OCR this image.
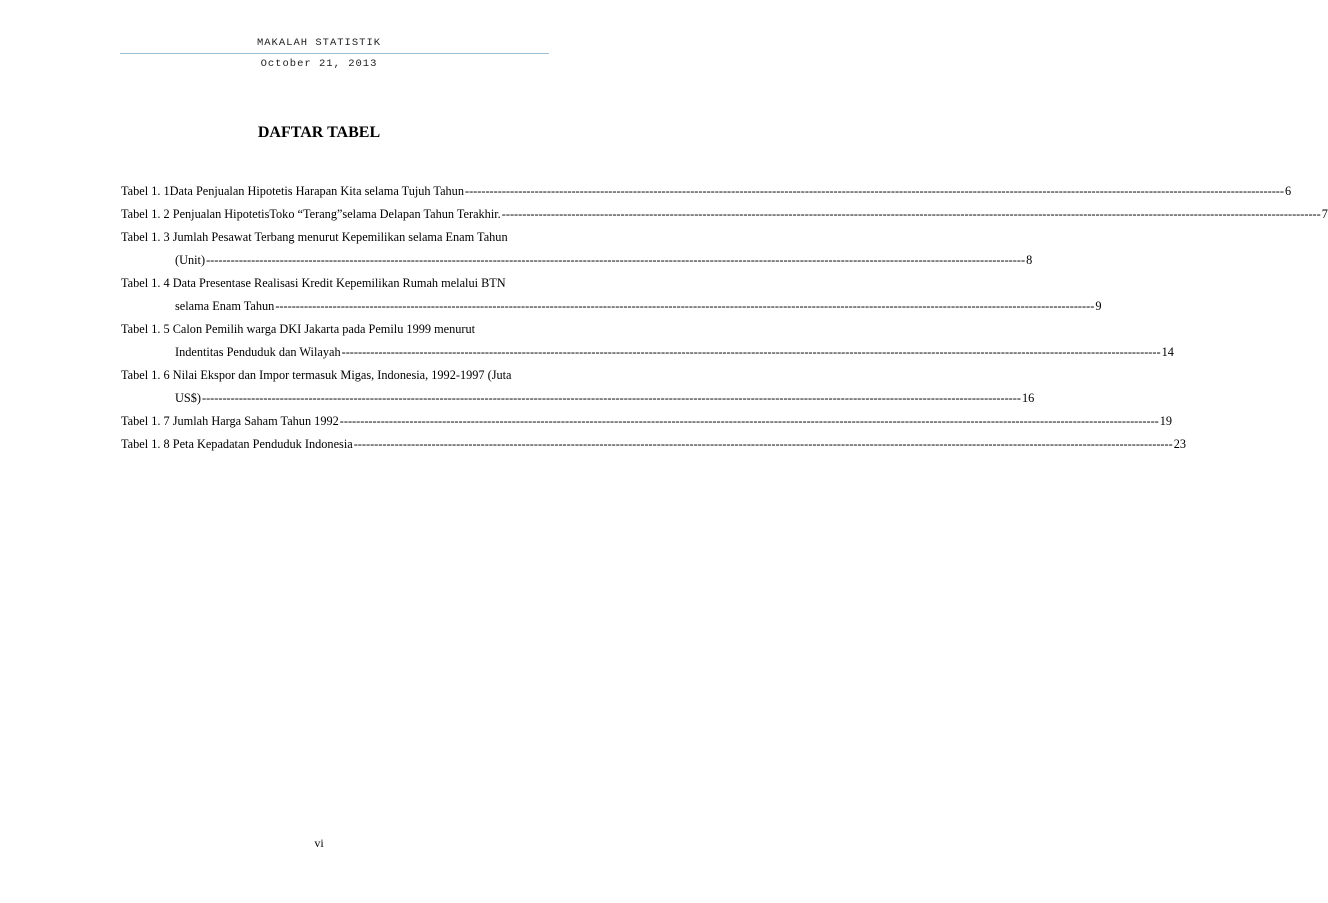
MAKALAH STATISTIK
October 21, 2013
DAFTAR TABEL
Tabel 1. 1Data Penjualan Hipotetis Harapan Kita selama Tujuh Tahun -------------------------------------------------------------------------------------------------------------------------------------------------------------------------------------------------------- 6
Tabel 1. 2 Penjualan HipotetisToko “Terang”selama Delapan Tahun Terakhir. -------------------------------------------------------------------------------------------------------------------------------------------------------------------------------------------------------- 7
Tabel 1. 3 Jumlah Pesawat Terbang menurut Kepemilikan selama Enam Tahun
(Unit) -------------------------------------------------------------------------------------------------------------------------------------------------------------------------------------------------------- 8
Tabel 1. 4 Data Presentase Realisasi Kredit Kepemilikan Rumah melalui BTN
selama Enam Tahun -------------------------------------------------------------------------------------------------------------------------------------------------------------------------------------------------------- 9
Tabel 1. 5 Calon Pemilih warga DKI Jakarta pada Pemilu 1999 menurut
Indentitas Penduduk dan Wilayah -------------------------------------------------------------------------------------------------------------------------------------------------------------------------------------------------------- 14
Tabel 1. 6 Nilai Ekspor dan Impor termasuk Migas, Indonesia, 1992-1997 (Juta
US$) -------------------------------------------------------------------------------------------------------------------------------------------------------------------------------------------------------- 16
Tabel 1. 7 Jumlah Harga Saham Tahun 1992 -------------------------------------------------------------------------------------------------------------------------------------------------------------------------------------------------------- 19
Tabel 1. 8 Peta Kepadatan Penduduk Indonesia -------------------------------------------------------------------------------------------------------------------------------------------------------------------------------------------------------- 23
vi
